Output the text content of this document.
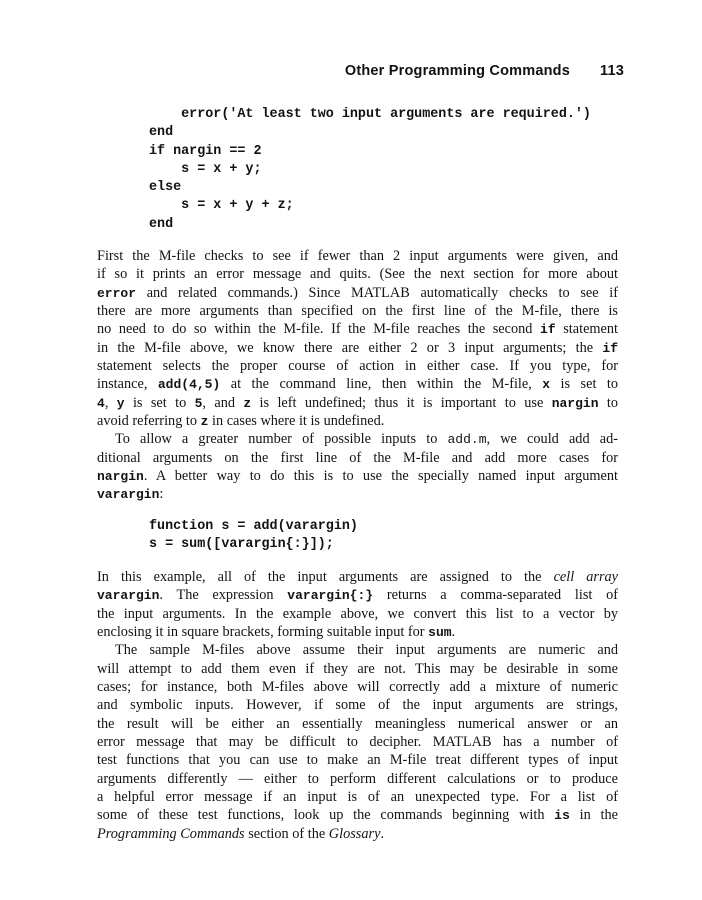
Other Programming Commands 113
error('At least two input arguments are required.')
end
if nargin == 2
s = x + y;
else
s = x + y + z;
end
First the M-file checks to see if fewer than 2 input arguments were given, and
if so it prints an error message and quits. (See the next section for more about
error and related commands.) Since MATLAB automatically checks to see if
there are more arguments than specified on the first line of the M-file, there is
no need to do so within the M-file. If the M-file reaches the second if statement
in the M-file above, we know there are either 2 or 3 input arguments; the if
statement selects the proper course of action in either case. If you type, for
instance, add(4,5) at the command line, then within the M-file, x is set to
4, y is set to 5, and z is left undefined; thus it is important to use nargin to
avoid referring to z in cases where it is undefined.
To allow a greater number of possible inputs to add.m, we could add ad-
ditional arguments on the first line of the M-file and add more cases for
nargin. A better way to do this is to use the specially named input argument
varargin:
function s = add(varargin)
s = sum([varargin{:}]);
In this example, all of the input arguments are assigned to the cell array
varargin. The expression varargin{:} returns a comma-separated list of
the input arguments. In the example above, we convert this list to a vector by
enclosing it in square brackets, forming suitable input for sum.
The sample M-files above assume their input arguments are numeric and
will attempt to add them even if they are not. This may be desirable in some
cases; for instance, both M-files above will correctly add a mixture of numeric
and symbolic inputs. However, if some of the input arguments are strings,
the result will be either an essentially meaningless numerical answer or an
error message that may be difficult to decipher. MATLAB has a number of
test functions that you can use to make an M-file treat different types of input
arguments differently — either to perform different calculations or to produce
a helpful error message if an input is of an unexpected type. For a list of
some of these test functions, look up the commands beginning with is in the
Programming Commands section of the Glossary.
